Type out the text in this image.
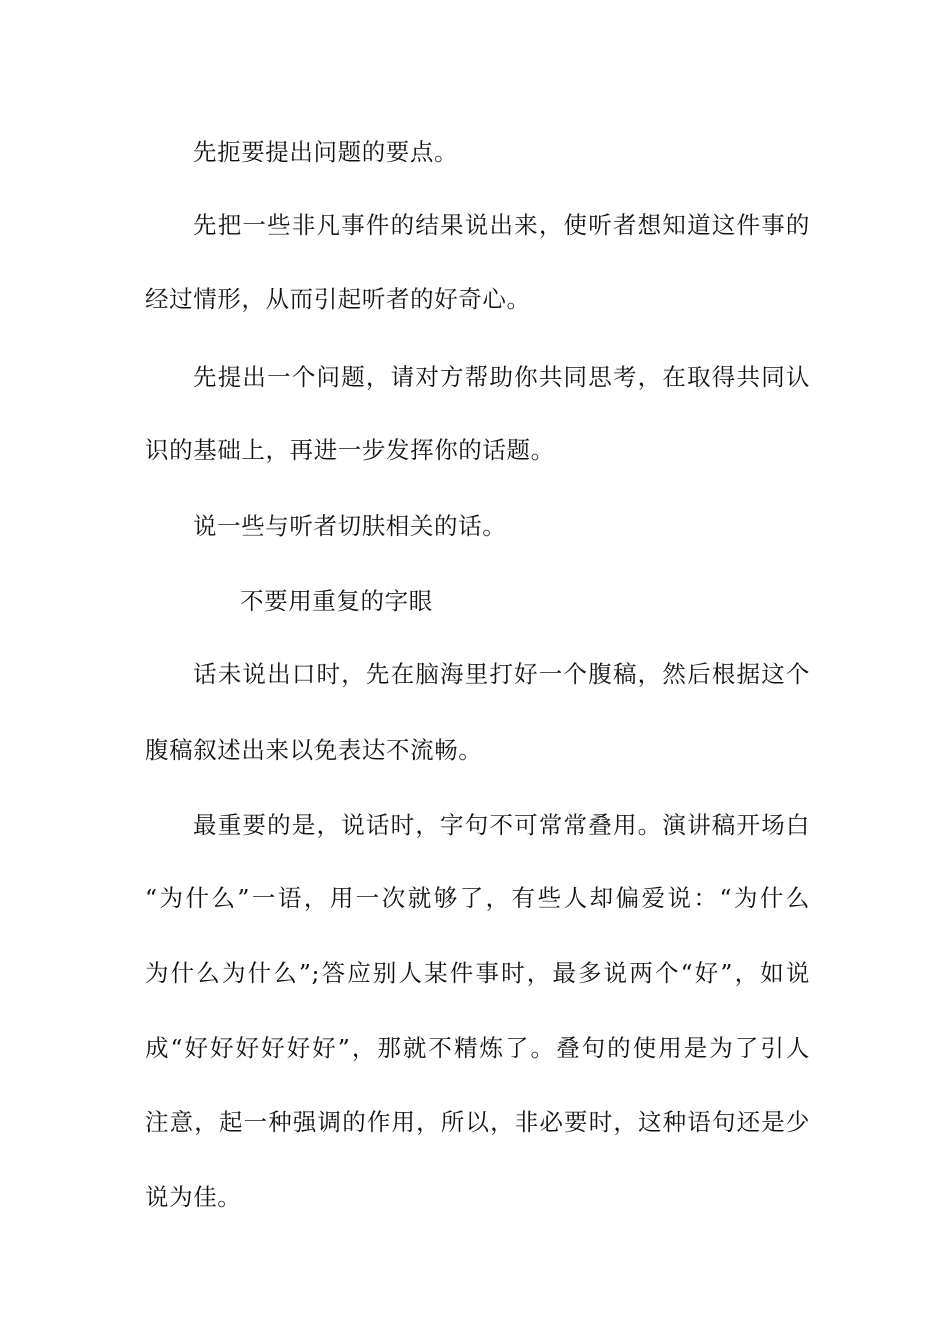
先扼要提出问题的要点。
先把一些非凡事件的结果说出来，使听者想知道这件事的
经过情形，从而引起听者的好奇心。
先提出一个问题，请对方帮助你共同思考，在取得共同认
识的基础上，再进一步发挥你的话题。
说一些与听者切肤相关的话。
不要用重复的字眼
话未说出口时，先在脑海里打好一个腹稿，然后根据这个
腹稿叙述出来以免表达不流畅。
最重要的是，说话时，字句不可常常叠用。演讲稿开场白
“为什么”一语，用一次就够了，有些人却偏爱说：“为什么
为什么为什么”;答应别人某件事时，最多说两个“好”，如说
成“好好好好好好”，那就不精炼了。叠句的使用是为了引人
注意，起一种强调的作用，所以，非必要时，这种语句还是少
说为佳。
